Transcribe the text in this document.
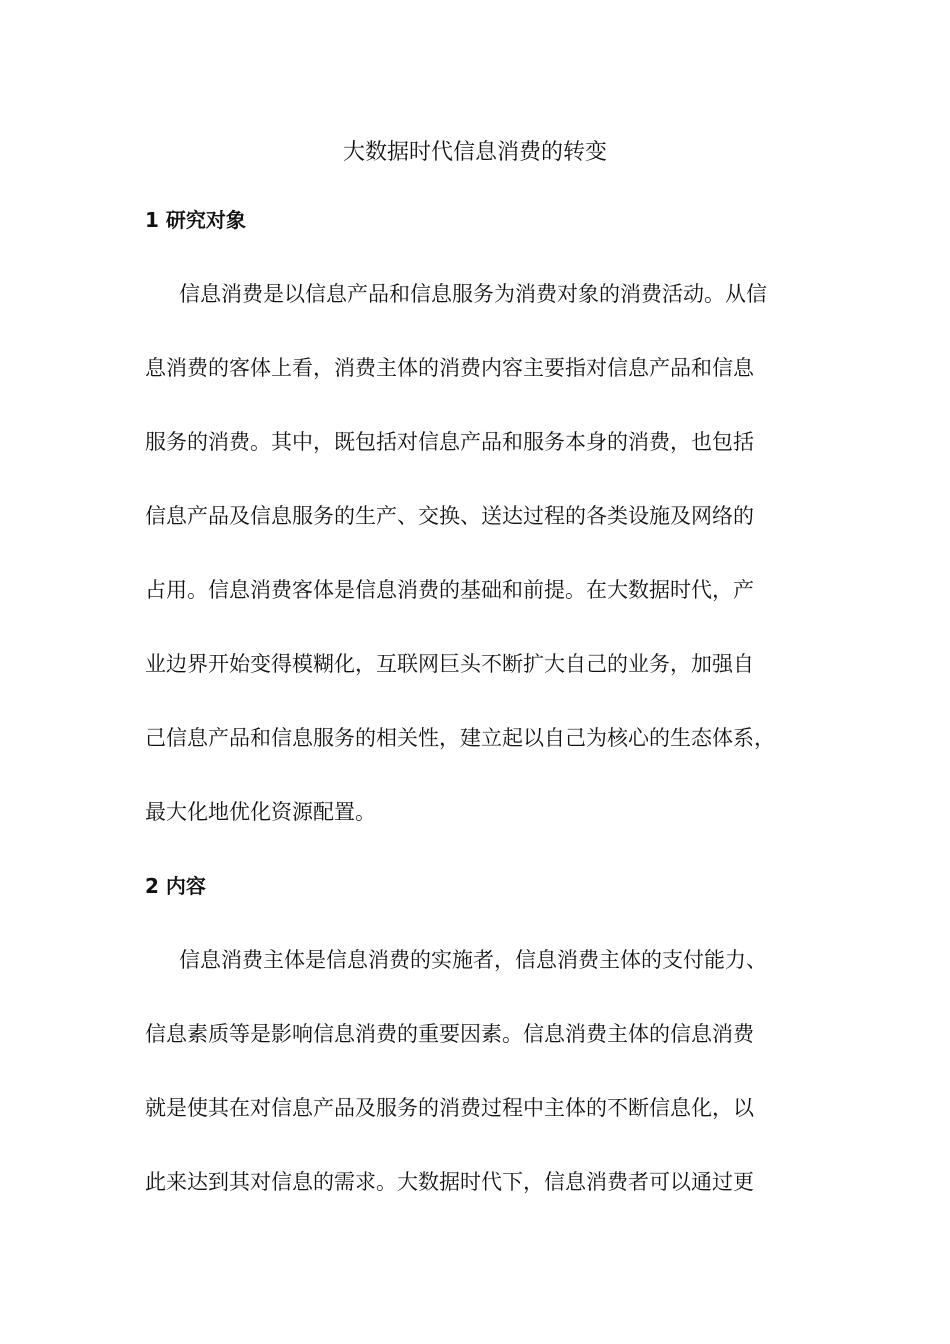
大数据时代信息消费的转变
1 研究对象

信息消费是以信息产品和信息服务为消费对象的消费活动。从信
息消费的客体上看，消费主体的消费内容主要指对信息产品和信息
服务的消费。其中，既包括对信息产品和服务本身的消费，也包括
信息产品及信息服务的生产、交换、送达过程的各类设施及网络的
占用。信息消费客体是信息消费的基础和前提。在大数据时代，产
业边界开始变得模糊化，互联网巨头不断扩大自己的业务，加强自
己信息产品和信息服务的相关性，建立起以自己为核心的生态体系，
最大化地优化资源配置。

2 内容

信息消费主体是信息消费的实施者，信息消费主体的支付能力、
信息素质等是影响信息消费的重要因素。信息消费主体的信息消费
就是使其在对信息产品及服务的消费过程中主体的不断信息化，以
此来达到其对信息的需求。大数据时代下，信息消费者可以通过更
